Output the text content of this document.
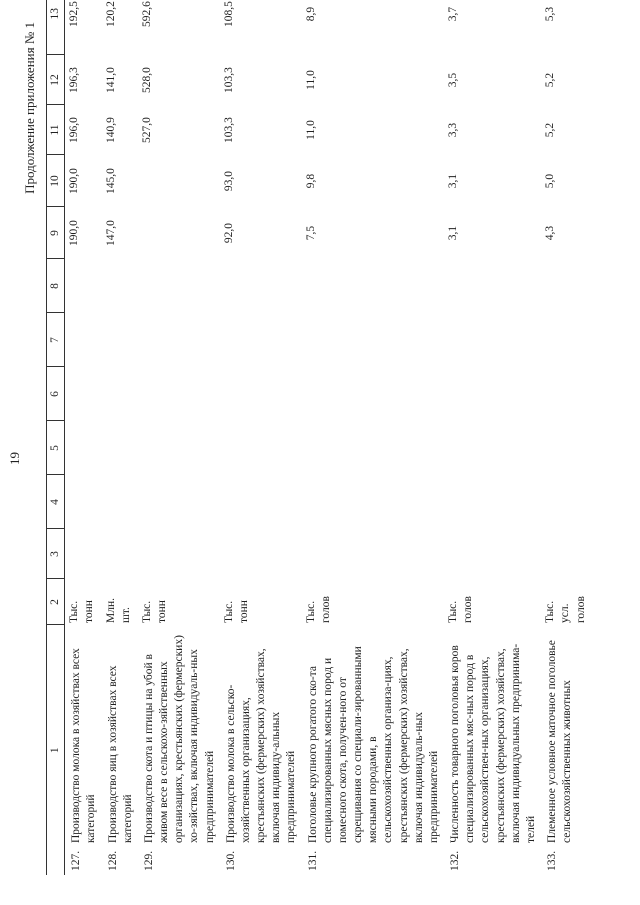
19
Продолжение приложения № 1
1	2	3	4	5	6	7	8	9	10	11	12	13

127.	Производство молока в хозяйствах всех категорий
	Тыс. тонн							190,0	190,0	196,0	196,3	192,5

128.	Производство яиц в хозяйствах всех категорий
	Млн. шт.							147,0	145,0	140,9	141,0	120,2

129.	Производство скота и птицы на убой в живом весе в сельскохо-зяйственных организациях, крестьянских (фермерских) хо-зяйствах, включая индивидуаль-ных предпринимателей
	Тыс. тонн									527,0	528,0	592,6

130.	Производство молока в сельско-хозяйственных организациях, крестьянских (фермерских) хозяйствах, включая индивиду-альных предпринимателей
	Тыс. тонн							92,0	93,0	103,3	103,3	108,5

131.	Поголовье крупного рогатого ско-та специализированных мясных пород и помесного скота, получен-ного от скрещивания со специали-зированными мясными породами, в сельскохозяйственных организа-циях, крестьянских (фермерских) хозяйствах, включая индивидуаль-ных предпринимателей
	Тыс. голов							7,5	9,8	11,0	11,0	8,9

132.	Численность товарного поголовья коров специализированных мяс-ных пород в сельскохозяйствен-ных организациях, крестьянских (фермерских) хозяйствах, включая индивидуальных предпринима-телей
	Тыс. голов							3,1	3,1	3,3	3,5	3,7

133.	Племенное условное маточное поголовье сельскохозяйственных животных
	Тыс. усл. голов							4,3	5,0	5,2	5,2	5,3
